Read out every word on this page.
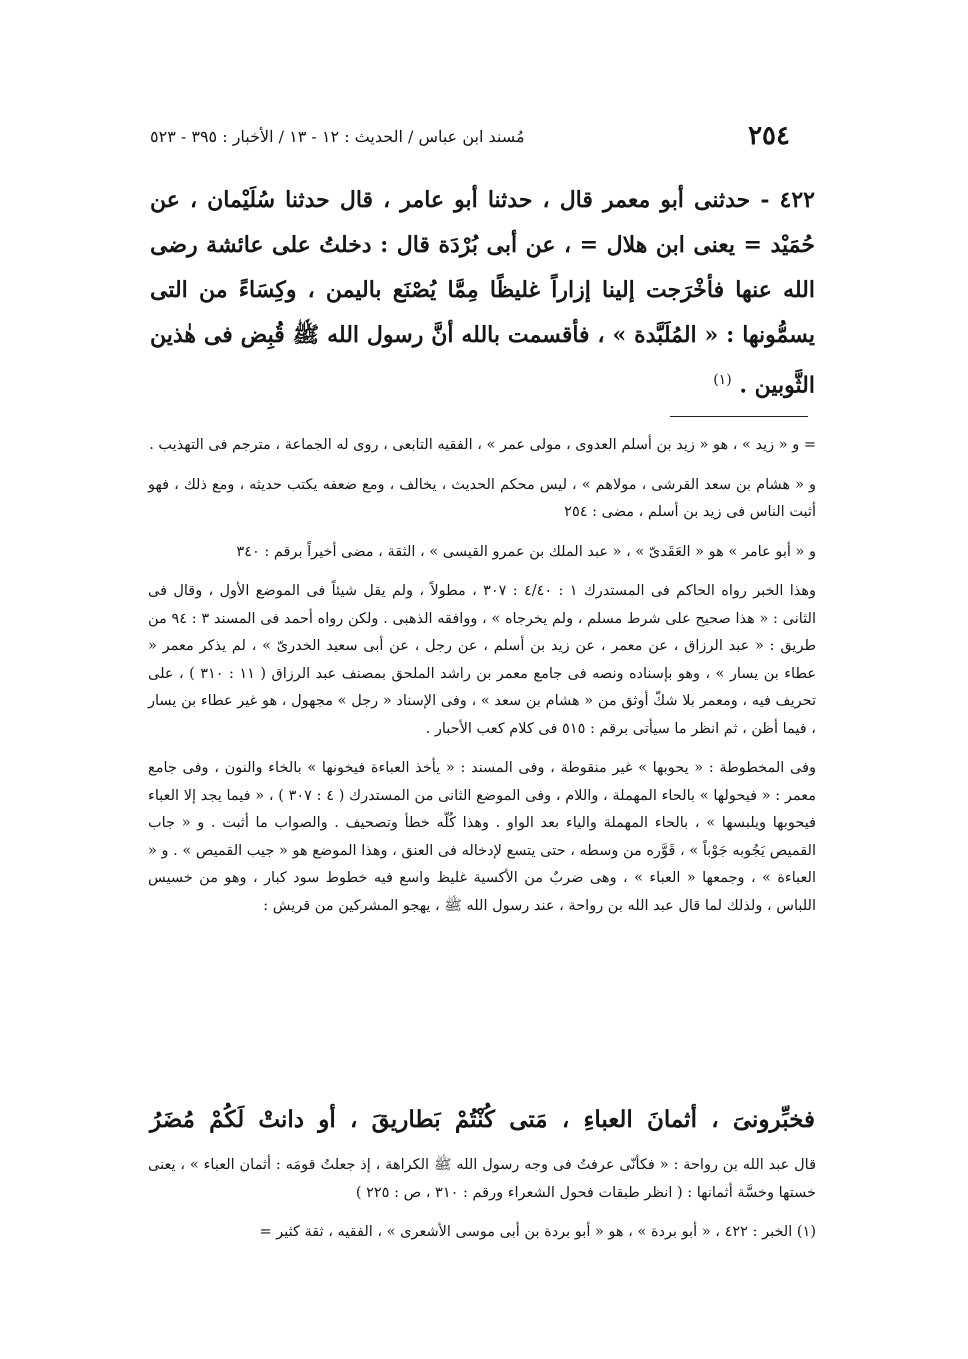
٢٥٤
مُسند ابن عباس / الحديث : ١٢ - ١٣ / الأخبار : ٣٩٥ - ٥٢٣

٤٢٢ - حدثنى أبو معمر قال ، حدثنا أبو عامر ، قال حدثنا سُلَيْمان ، عن حُمَيْد = يعنى ابن هلال = ، عن أبى بُرْدَة قال : دخلتُ على عائشة رضى الله عنها فأخْرَجت إلينا إزاراً غليظًا مِمَّا يُصْنَع باليمن ، وكِسَاءً من التى يسمُّونها : « المُلَبَّدة » ، فأقسمت بالله أنَّ رسول الله ﷺ قُبِض فى هٰذين الثَّوبين . $^{(١)}$

= و « زيد » ، هو « زيد بن أسلم العدوى ، مولى عمر » ، الفقيه التابعى ، روى له الجماعة ، مترجم فى التهذيب .

و « هشام بن سعد القرشى ، مولاهم » ، ليس محكم الحديث ، يخالف ، ومع ضعفه يكتب حديثه ، ومع ذلك ، فهو أثبت الناس فى زيد بن أسلم ، مضى : ٢٥٤

و « أبو عامر » هو « العَقَدىّ » ، « عبد الملك بن عمرو القيسى » ، الثقة ، مضى أخيراً برقم : ٣٤٠

وهذا الخبر رواه الحاكم فى المستدرك ١ : ٤/٤٠ : ٣٠٧ ، مطولاً ، ولم يقل شيئاً فى الموضع الأول ، وقال فى الثانى : « هذا صحيح على شرط مسلم ، ولم يخرجاه » ، ووافقه الذهبى . ولكن رواه أحمد فى المسند ٣ : ٩٤ من طريق : « عبد الرزاق ، عن معمر ، عن زيد بن أسلم ، عن رجل ، عن أبى سعيد الخدرىّ » ، لم يذكر معمر « عطاء بن يسار » ، وهو بإسناده ونصه فى جامع معمر بن راشد الملحق بمصنف عبد الرزاق ( ١١ : ٣١٠ ) ، على تحريف فيه ، ومعمر بلا شكّ أوثق من « هشام بن سعد » ، وفى الإسناد « رجل » مجهول ، هو غير عطاء بن يسار ، فيما أظن ، ثم انظر ما سيأتى برقم : ٥١٥ فى كلام كعب الأحبار .

وفى المخطوطة : « يحوبها » غير منقوطة ، وفى المسند : « يأخذ العباءة فيخونها » بالخاء والنون ، وفى جامع معمر : « فيحولها » بالحاء المهملة ، واللام ، وفى الموضع الثانى من المستدرك ( ٤ : ٣٠٧ ) ، « فيما يجد إلا العباء فيحوبها ويلبسها » ، بالحاء المهملة والياء بعد الواو . وهذا كُلّه خطأ وتصحيف . والصواب ما أثبت . و « جاب القميص يَجُوبه جَوْباً » ، قَوَّره من وسطه ، حتى يتسع لإدخاله فى العنق ، وهذا الموضع هو « جيب القميص » . و « العباءة » ، وجمعها « العباء » ، وهى ضربٌ من الأكسية غليظ واسع فيه خطوط سود كبار ، وهو من خسيس اللباس ، ولذلك لما قال عبد الله بن رواحة ، عند رسول الله ﷺ ، يهجو المشركين من قريش :

فخبِّرونىَ ، أثمانَ العباءِ ، مَتى كُنْتُمْ بَطاريقَ ، أو دانتْ لَكُمْ مُضَرُ

قال عبد الله بن رواحة : « فكأنّى عرفتُ فى وجه رسول الله ﷺ الكراهة ، إذ جعلتُ قومَه : أثمان العباء » ، يعنى خستها وخسَّة أثمانها : ( انظر طبقات فحول الشعراء ورقم : ٣١٠ ، ص : ٢٢٥ )

(١) الخبر : ٤٢٢ ، « أبو بردة » ، هو « أبو بردة بن أبى موسى الأشعرى » ، الفقيه ، ثقة كثير =
